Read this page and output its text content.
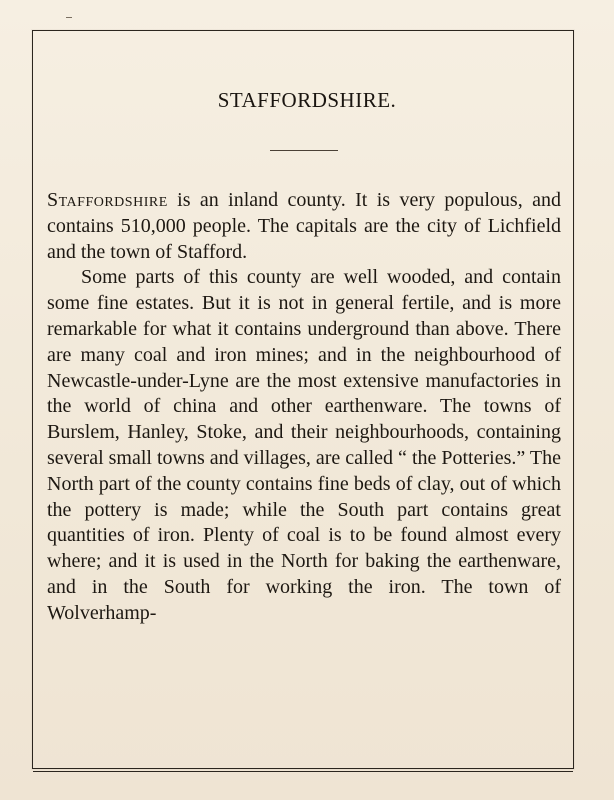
STAFFORDSHIRE.

Staffordshire is an inland county. It is very populous, and contains 510,000 people. The capitals are the city of Lichfield and the town of Stafford.

Some parts of this county are well wooded, and contain some fine estates. But it is not in general fertile, and is more remarkable for what it contains underground than above. There are many coal and iron mines; and in the neighbourhood of Newcastle-under-Lyne are the most extensive manufactories in the world of china and other earthenware. The towns of Burslem, Hanley, Stoke, and their neighbourhoods, containing several small towns and villages, are called “ the Potteries.” The North part of the county contains fine beds of clay, out of which the pottery is made; while the South part contains great quantities of iron. Plenty of coal is to be found almost every where; and it is used in the North for baking the earthenware, and in the South for working the iron. The town of Wolverhamp-
